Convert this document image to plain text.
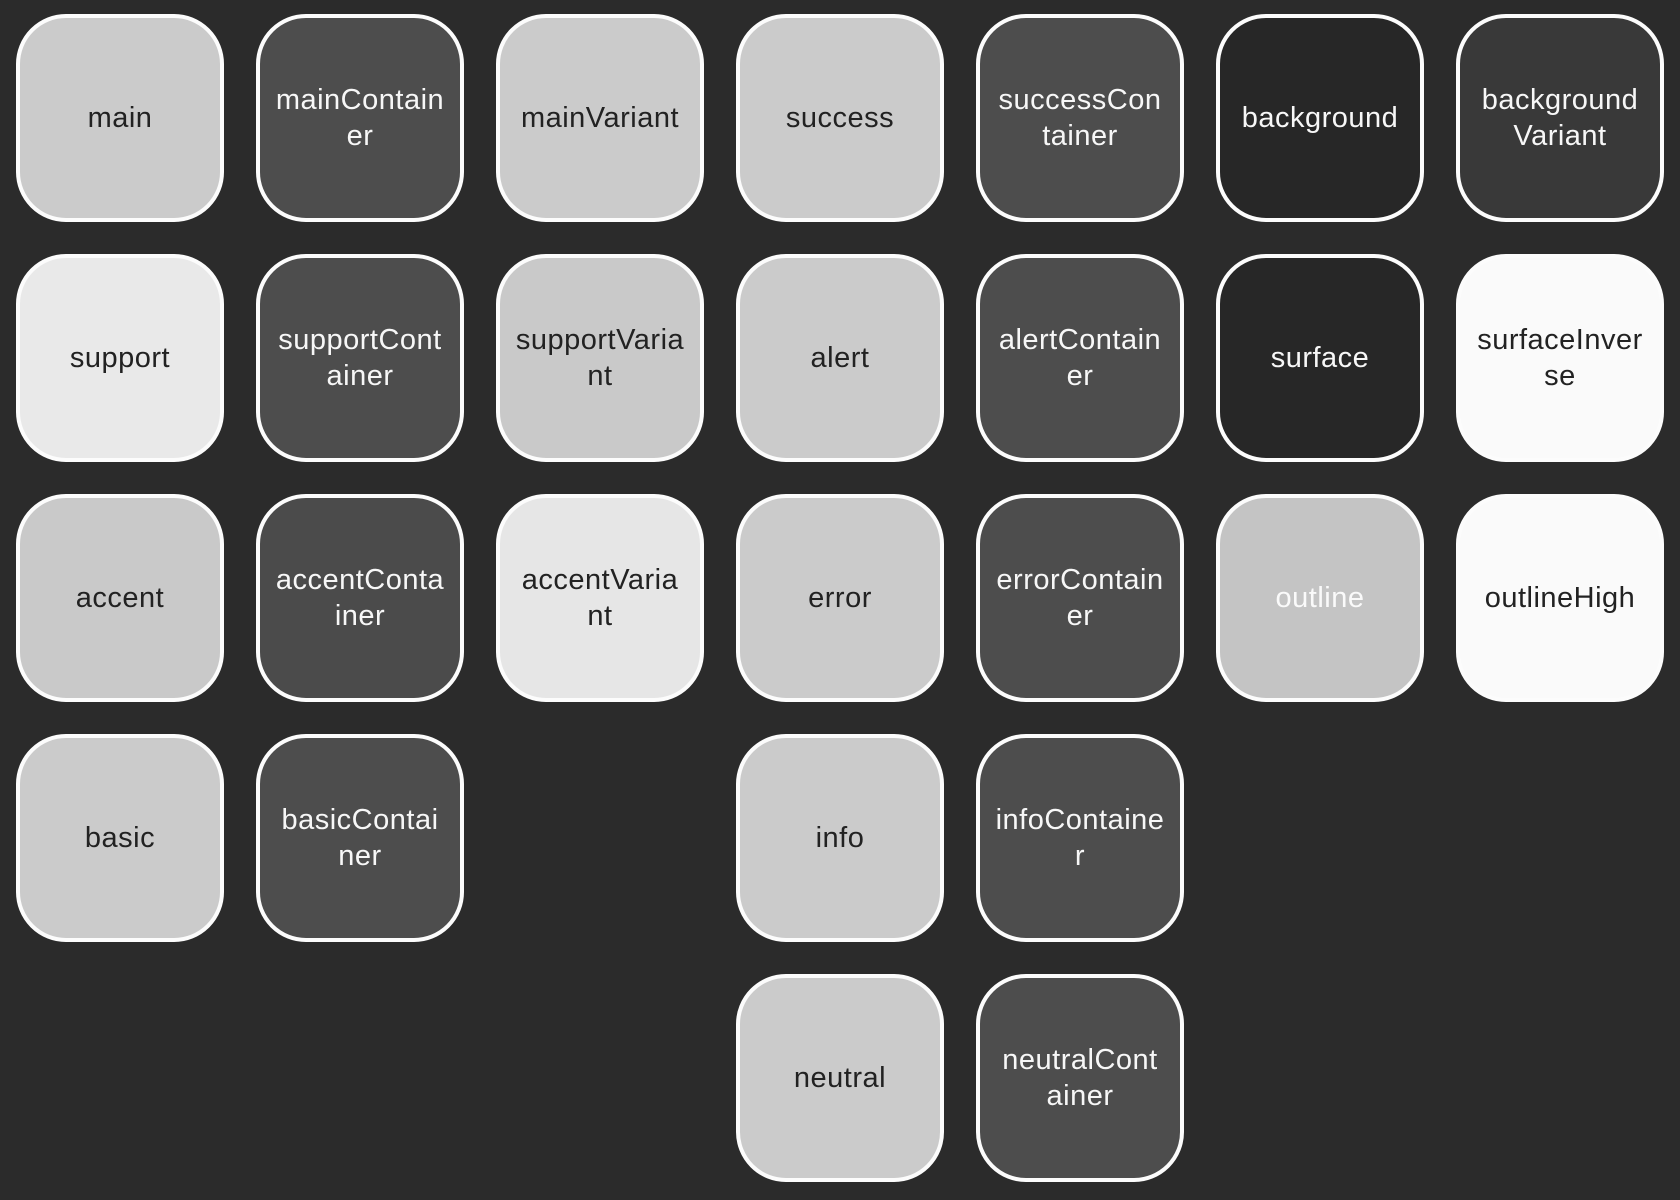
main
mainContainer
mainVariant	success
successContainer
background
backgroundVariant
support
supportContainer
supportVariant
alert
alertContainer
surface
surfaceInverse
accent
accentContainer
accentVariant
error
errorContainer
outline	outlineHigh
basic
basicContainer
info
infoContainer
neutral
neutralContainer
